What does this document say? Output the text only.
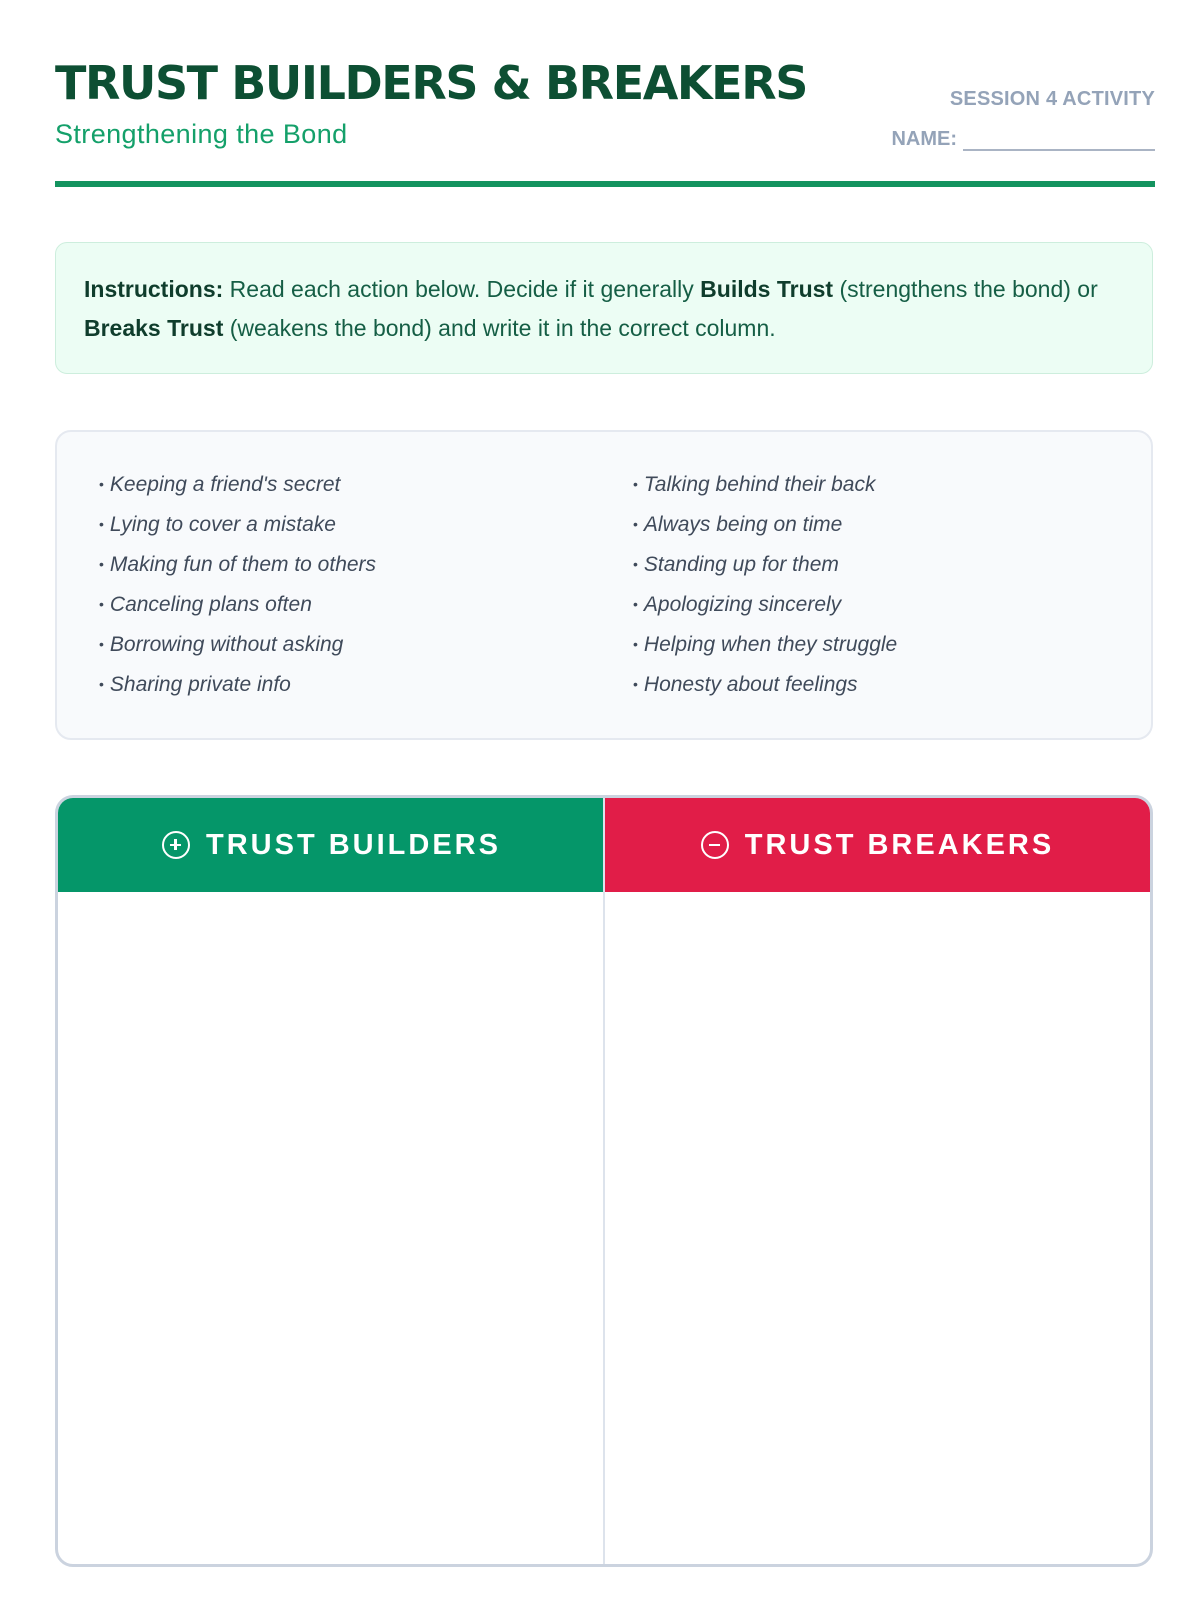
TRUST BUILDERS & BREAKERS

Strengthening the Bond

SESSION 4 ACTIVITY
NAME:
Instructions: Read each action below. Decide if it generally Builds Trust (strengthens the bond) or Breaks Trust (weakens the bond) and write it in the correct column.
• Keeping a friend's secret
• Lying to cover a mistake
• Making fun of them to others
• Canceling plans often
• Borrowing without asking
• Sharing private info
• Talking behind their back
• Always being on time
• Standing up for them
• Apologizing sincerely
• Helping when they struggle
• Honesty about feelings
TRUST BUILDERS	TRUST BREAKERS
